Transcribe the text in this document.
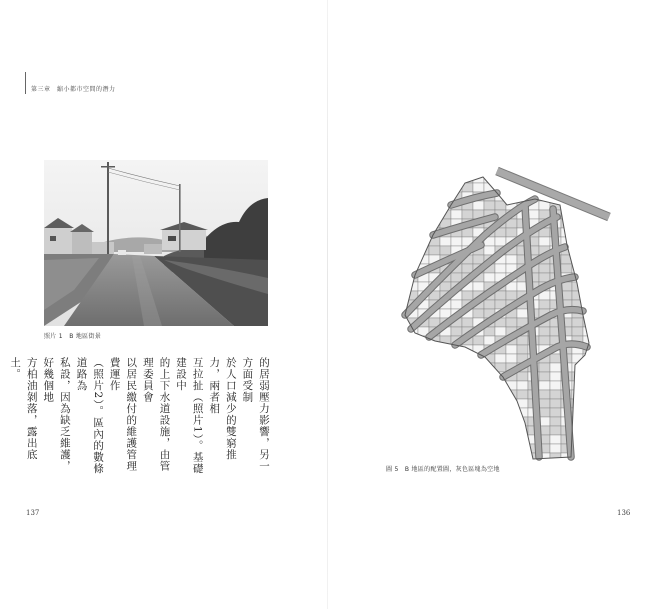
第三章　縮小都市空間的潛力
照片 1　B 地區街景

的居弱壓力影響，另一方面受制

於人口減少的雙窮推力，兩者相

互拉扯（照片1）。基礎建設中

的上下水道設施，由管理委員會

以居民繳付的維護管理費運作

（照片2）。區內的數條道路為

私設，因為缺乏維護，好幾個地

方柏油剝落，露出底土。

137
圖 5　B 地區的配置圖，灰色區塊為空地
136
